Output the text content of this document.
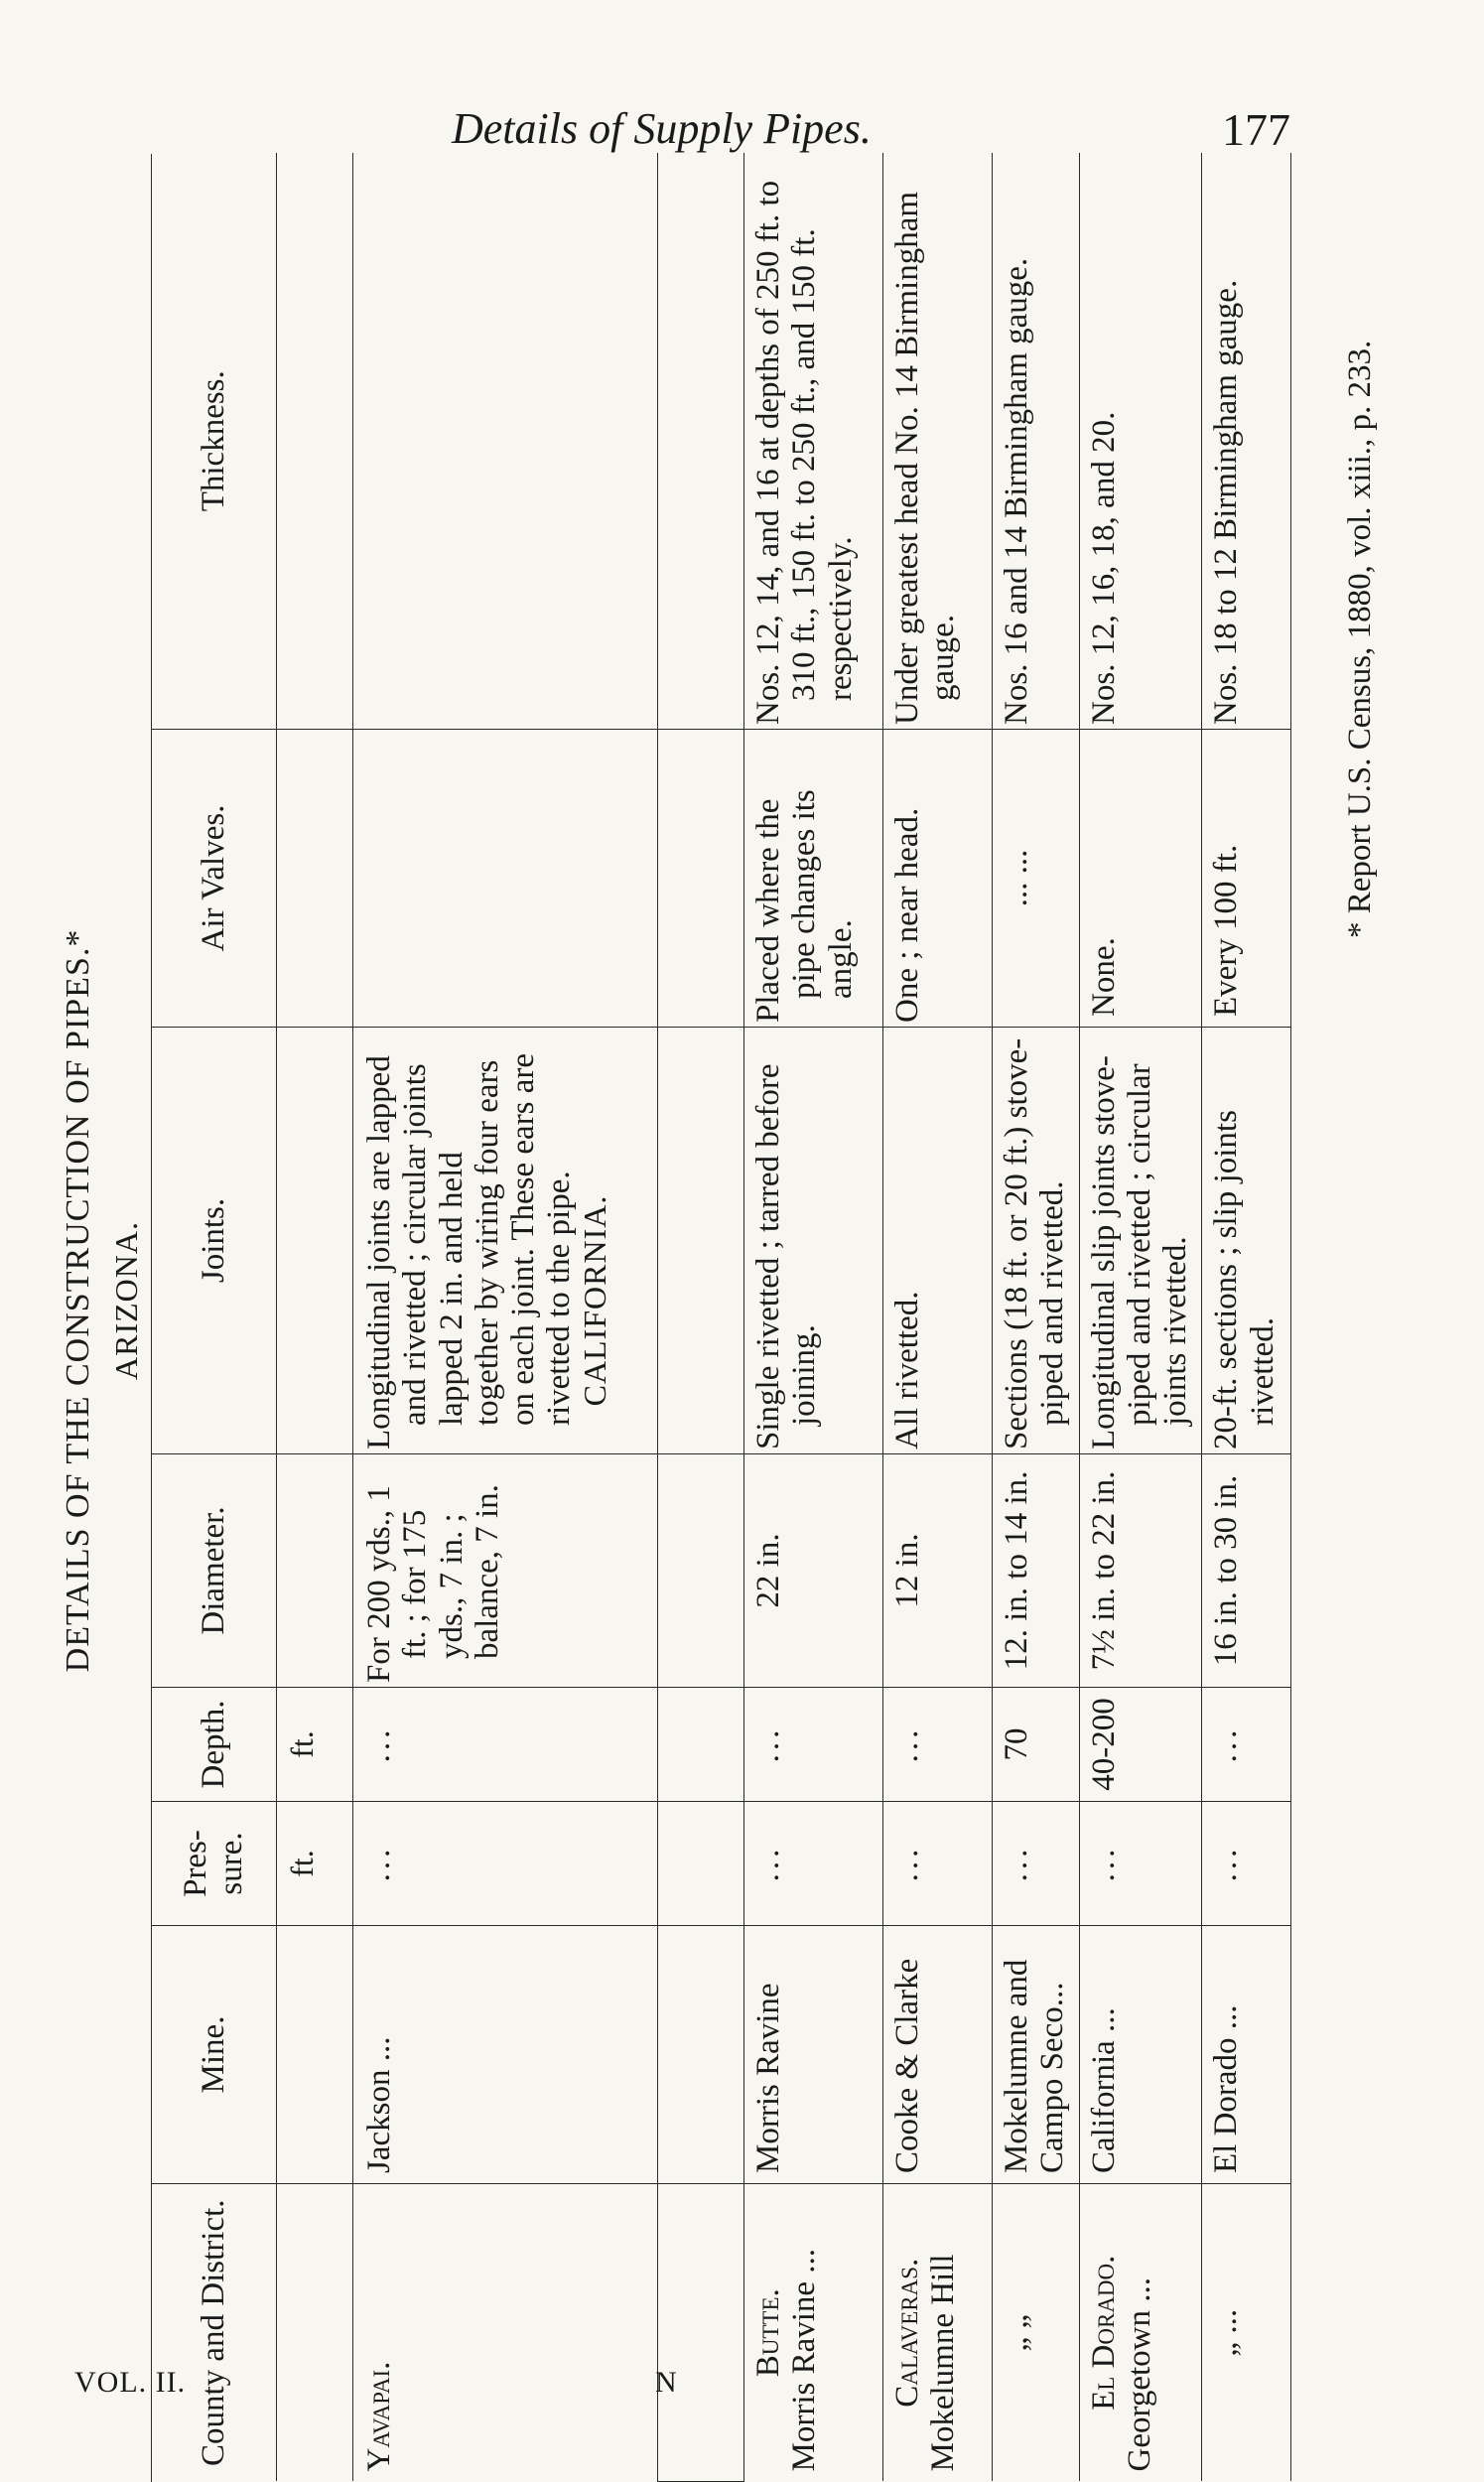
Details of Supply Pipes.	177
DETAILS OF THE CONSTRUCTION OF PIPES.* ARIZONA.	CALIFORNIA.
County and District.	Mine.	Pres-sure.	Depth.	Diameter.	Joints.	Air Valves.	Thickness.
		ft.	ft.				
Yavapai.	Jackson ...	...	...	For 200 yds., 1 ft. ; for 175 yds., 7 in. ; balance, 7 in.	Longitudinal joints are lapped and rivetted ; circular joints lapped 2 in. and held together by wiring four ears on each joint. These ears are rivetted to the pipe.		

Butte. Morris Ravine ...	Morris Ravine	...	...	22 in.	Single rivetted ; tarred before joining.	Placed where the pipe changes its angle.	Nos. 12, 14, and 16 at depths of 250 ft. to 310 ft., 150 ft. to 250 ft., and 150 ft. respectively.

Calaveras. Mokelumne Hill	Cooke & Clarke	...	...	12 in.	All rivetted.	One ; near head.	Under greatest head No. 14 Birmingham gauge.

„ „	Mokelumne and Campo Seco...	...	70	12. in. to 14 in.	Sections (18 ft. or 20 ft.) stove-piped and rivetted.	... ...	Nos. 16 and 14 Birmingham gauge.

El Dorado. Georgetown ...	California ...	...	40-200	7½ in. to 22 in.	Longitudinal slip joints stove-piped and rivetted ; circular joints rivetted.	None.	Nos. 12, 16, 18, and 20.

„ ...	El Dorado ...	...	...	16 in. to 30 in.	20-ft. sections ; slip joints rivetted.	Every 100 ft.	Nos. 18 to 12 Birmingham gauge.	* Report U.S. Census, 1880, vol. xiii., p. 233.
VOL. II.	N
